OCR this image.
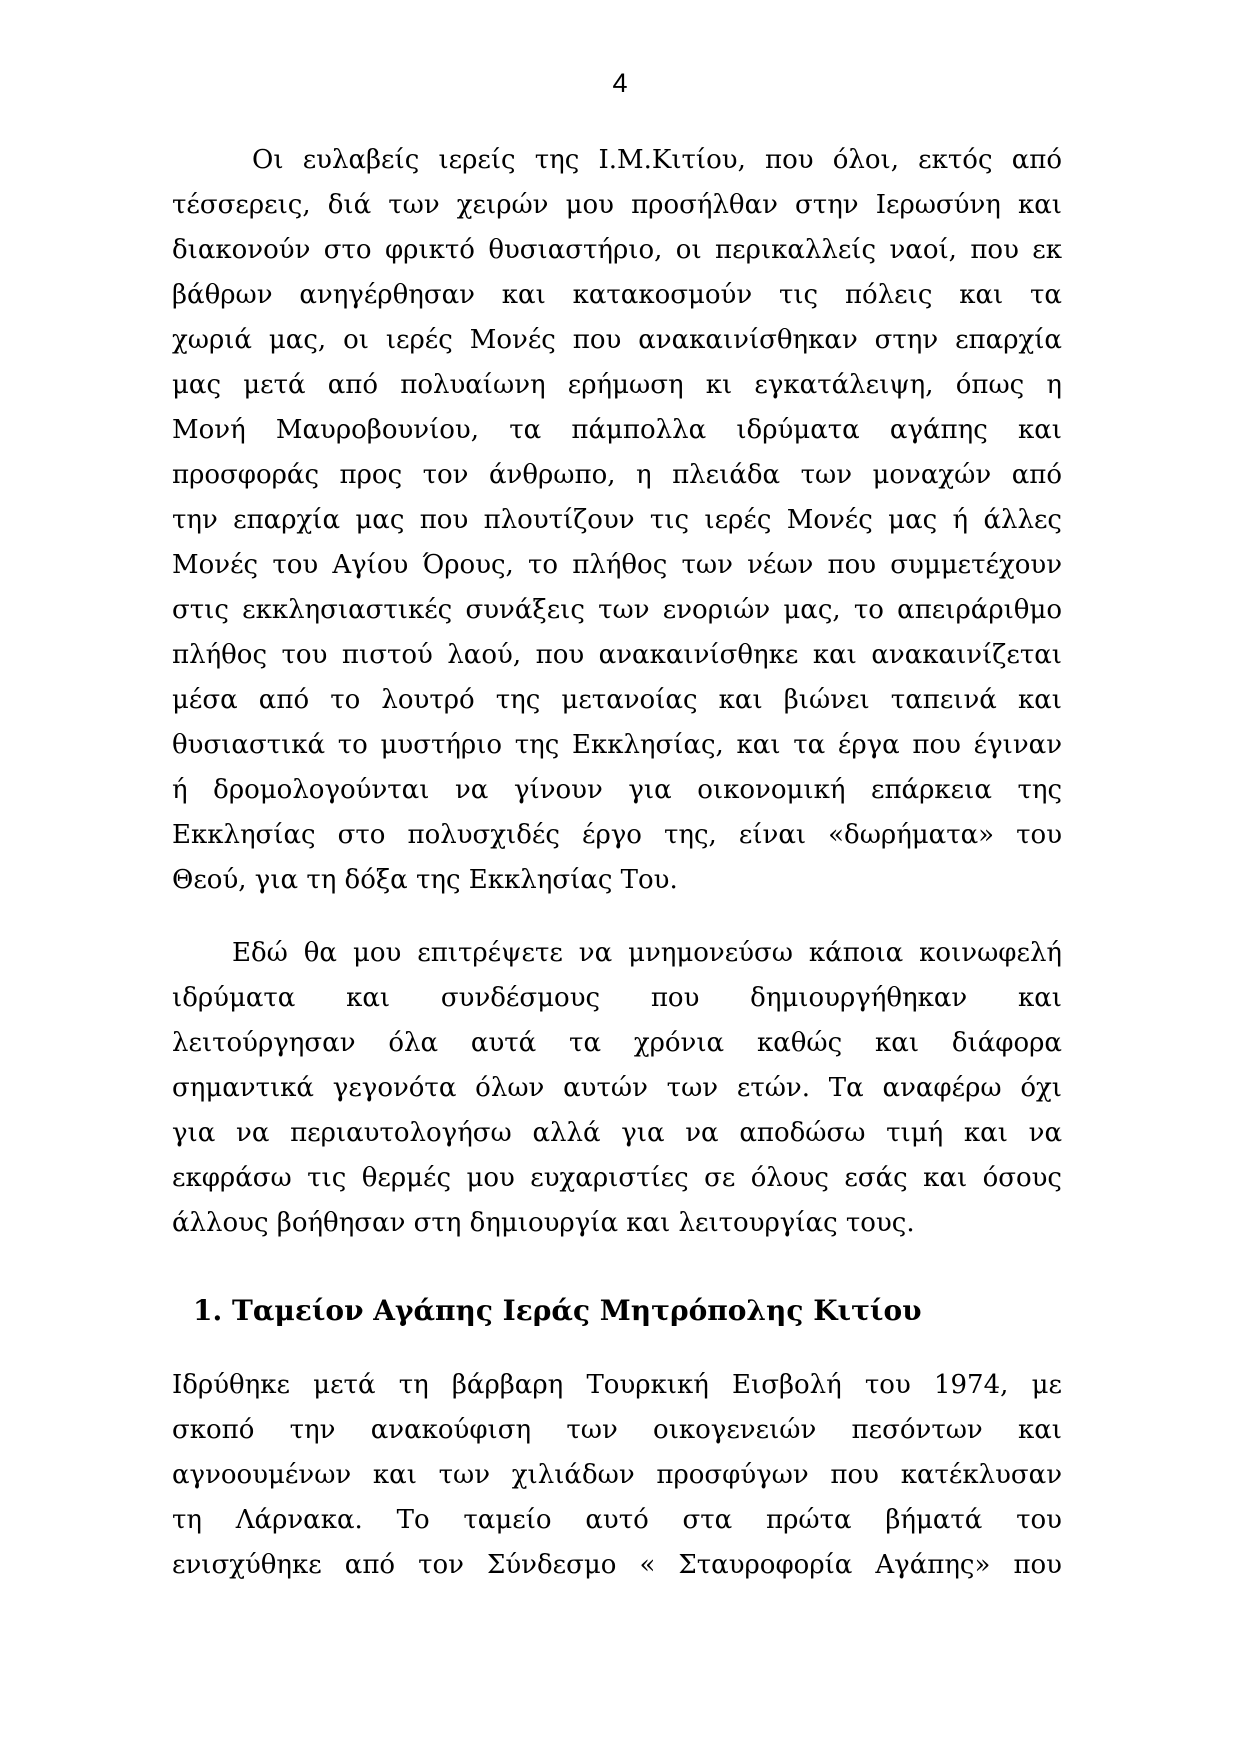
4
Οι ευλαβείς ιερείς της Ι.Μ.Κιτίου, που όλοι, εκτός από
τέσσερεις, διά των χειρών μου προσήλθαν στην Ιερωσύνη και
διακονούν στο φρικτό θυσιαστήριο, οι περικαλλείς ναοί, που εκ
βάθρων ανηγέρθησαν και κατακοσμούν τις πόλεις και τα
χωριά μας, οι ιερές Μονές που ανακαινίσθηκαν στην επαρχία
μας μετά από πολυαίωνη ερήμωση κι εγκατάλειψη, όπως η
Μονή Μαυροβουνίου, τα πάμπολλα ιδρύματα αγάπης και
προσφοράς προς τον άνθρωπο, η πλειάδα των μοναχών από
την επαρχία μας που πλουτίζουν τις ιερές Μονές μας ή άλλες
Μονές του Αγίου Όρους, το πλήθος των νέων που συμμετέχουν
στις εκκλησιαστικές συνάξεις των ενοριών μας, το απειράριθμο
πλήθος του πιστού λαού, που ανακαινίσθηκε και ανακαινίζεται
μέσα από το λουτρό της μετανοίας και βιώνει ταπεινά και
θυσιαστικά το μυστήριο της Εκκλησίας, και τα έργα που έγιναν
ή δρομολογούνται να γίνουν για οικονομική επάρκεια της
Εκκλησίας στο πολυσχιδές έργο της, είναι «δωρήματα» του
Θεού, για τη δόξα της Εκκλησίας Του.
Εδώ θα μου επιτρέψετε να μνημονεύσω κάποια κοινωφελή
ιδρύματα και συνδέσμους που δημιουργήθηκαν και
λειτούργησαν όλα αυτά τα χρόνια καθώς και διάφορα
σημαντικά γεγονότα όλων αυτών των ετών. Τα αναφέρω όχι
για να περιαυτολογήσω αλλά για να αποδώσω τιμή και να
εκφράσω τις θερμές μου ευχαριστίες σε όλους εσάς και όσους
άλλους βοήθησαν στη δημιουργία και λειτουργίας τους.
1. Ταμείον Αγάπης Ιεράς Μητρόπολης Κιτίου
Ιδρύθηκε μετά τη βάρβαρη Τουρκική Εισβολή του 1974, με
σκοπό την ανακούφιση των οικογενειών πεσόντων και
αγνοουμένων και των χιλιάδων προσφύγων που κατέκλυσαν
τη Λάρνακα. Το ταμείο αυτό στα πρώτα βήματά του
ενισχύθηκε από τον Σύνδεσμο « Σταυροφορία Αγάπης» που
